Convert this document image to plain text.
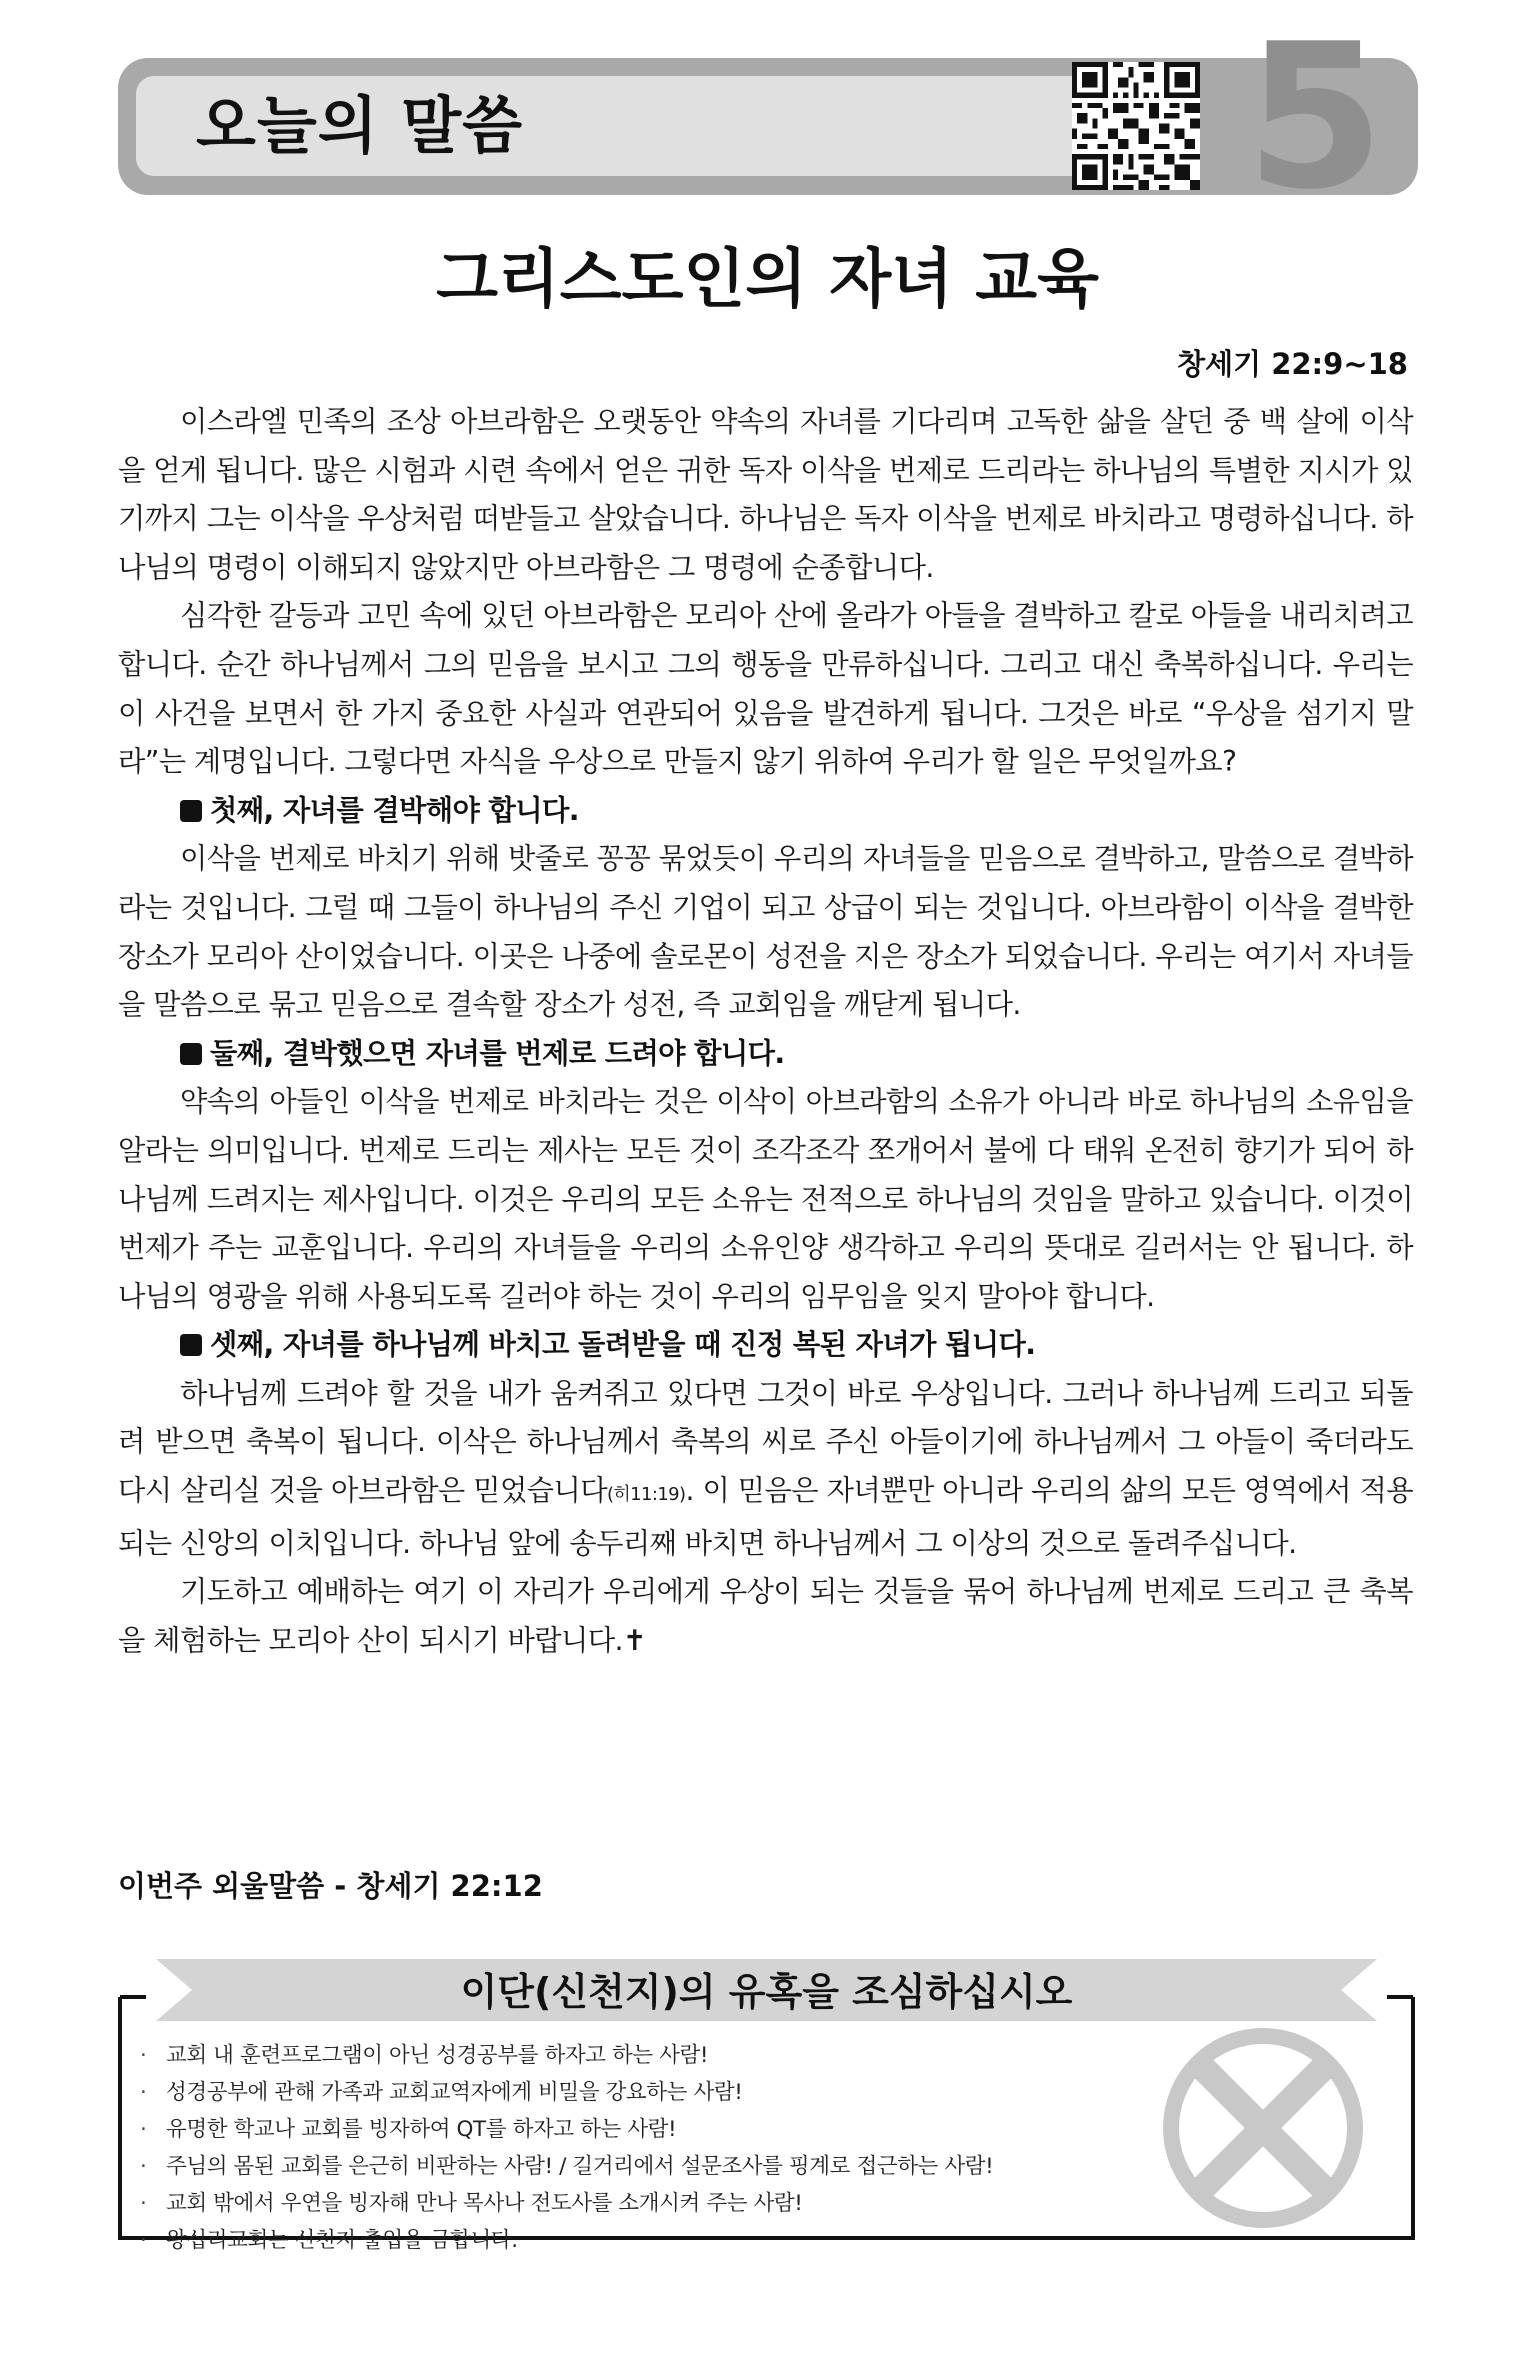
오늘의 말씀	5
그리스도인의 자녀 교육
창세기 22:9~18

이스라엘 민족의 조상 아브라함은 오랫동안 약속의 자녀를 기다리며 고독한 삶을 살던 중 백 살에 이삭을 얻게 됩니다. 많은 시험과 시련 속에서 얻은 귀한 독자 이삭을 번제로 드리라는 하나님의 특별한 지시가 있기까지 그는 이삭을 우상처럼 떠받들고 살았습니다. 하나님은 독자 이삭을 번제로 바치라고 명령하십니다. 하나님의 명령이 이해되지 않았지만 아브라함은 그 명령에 순종합니다.

심각한 갈등과 고민 속에 있던 아브라함은 모리아 산에 올라가 아들을 결박하고 칼로 아들을 내리치려고 합니다. 순간 하나님께서 그의 믿음을 보시고 그의 행동을 만류하십니다. 그리고 대신 축복하십니다. 우리는 이 사건을 보면서 한 가지 중요한 사실과 연관되어 있음을 발견하게 됩니다. 그것은 바로 “우상을 섬기지 말라”는 계명입니다. 그렇다면 자식을 우상으로 만들지 않기 위하여 우리가 할 일은 무엇일까요?

첫째, 자녀를 결박해야 합니다.

이삭을 번제로 바치기 위해 밧줄로 꽁꽁 묶었듯이 우리의 자녀들을 믿음으로 결박하고, 말씀으로 결박하라는 것입니다. 그럴 때 그들이 하나님의 주신 기업이 되고 상급이 되는 것입니다. 아브라함이 이삭을 결박한 장소가 모리아 산이었습니다. 이곳은 나중에 솔로몬이 성전을 지은 장소가 되었습니다. 우리는 여기서 자녀들을 말씀으로 묶고 믿음으로 결속할 장소가 성전, 즉 교회임을 깨닫게 됩니다.

둘째, 결박했으면 자녀를 번제로 드려야 합니다.

약속의 아들인 이삭을 번제로 바치라는 것은 이삭이 아브라함의 소유가 아니라 바로 하나님의 소유임을 알라는 의미입니다. 번제로 드리는 제사는 모든 것이 조각조각 쪼개어서 불에 다 태워 온전히 향기가 되어 하나님께 드려지는 제사입니다. 이것은 우리의 모든 소유는 전적으로 하나님의 것임을 말하고 있습니다. 이것이 번제가 주는 교훈입니다. 우리의 자녀들을 우리의 소유인양 생각하고 우리의 뜻대로 길러서는 안 됩니다. 하나님의 영광을 위해 사용되도록 길러야 하는 것이 우리의 임무임을 잊지 말아야 합니다.

셋째, 자녀를 하나님께 바치고 돌려받을 때 진정 복된 자녀가 됩니다.

하나님께 드려야 할 것을 내가 움켜쥐고 있다면 그것이 바로 우상입니다. 그러나 하나님께 드리고 되돌려 받으면 축복이 됩니다. 이삭은 하나님께서 축복의 씨로 주신 아들이기에 하나님께서 그 아들이 죽더라도 다시 살리실 것을 아브라함은 믿었습니다(히11:19). 이 믿음은 자녀뿐만 아니라 우리의 삶의 모든 영역에서 적용되는 신앙의 이치입니다. 하나님 앞에 송두리째 바치면 하나님께서 그 이상의 것으로 돌려주십니다.

기도하고 예배하는 여기 이 자리가 우리에게 우상이 되는 것들을 묶어 하나님께 번제로 드리고 큰 축복을 체험하는 모리아 산이 되시기 바랍니다.✝

이번주 외울말씀 - 창세기 22:12
이단(신천지)의 유혹을 조심하십시오
· 교회 내 훈련프로그램이 아닌 성경공부를 하자고 하는 사람!
· 성경공부에 관해 가족과 교회교역자에게 비밀을 강요하는 사람!
· 유명한 학교나 교회를 빙자하여 QT를 하자고 하는 사람!
· 주님의 몸된 교회를 은근히 비판하는 사람! / 길거리에서 설문조사를 핑계로 접근하는 사람!
· 교회 밖에서 우연을 빙자해 만나 목사나 전도사를 소개시켜 주는 사람!
· 왕십리교회는 신천지 출입을 금합니다.
